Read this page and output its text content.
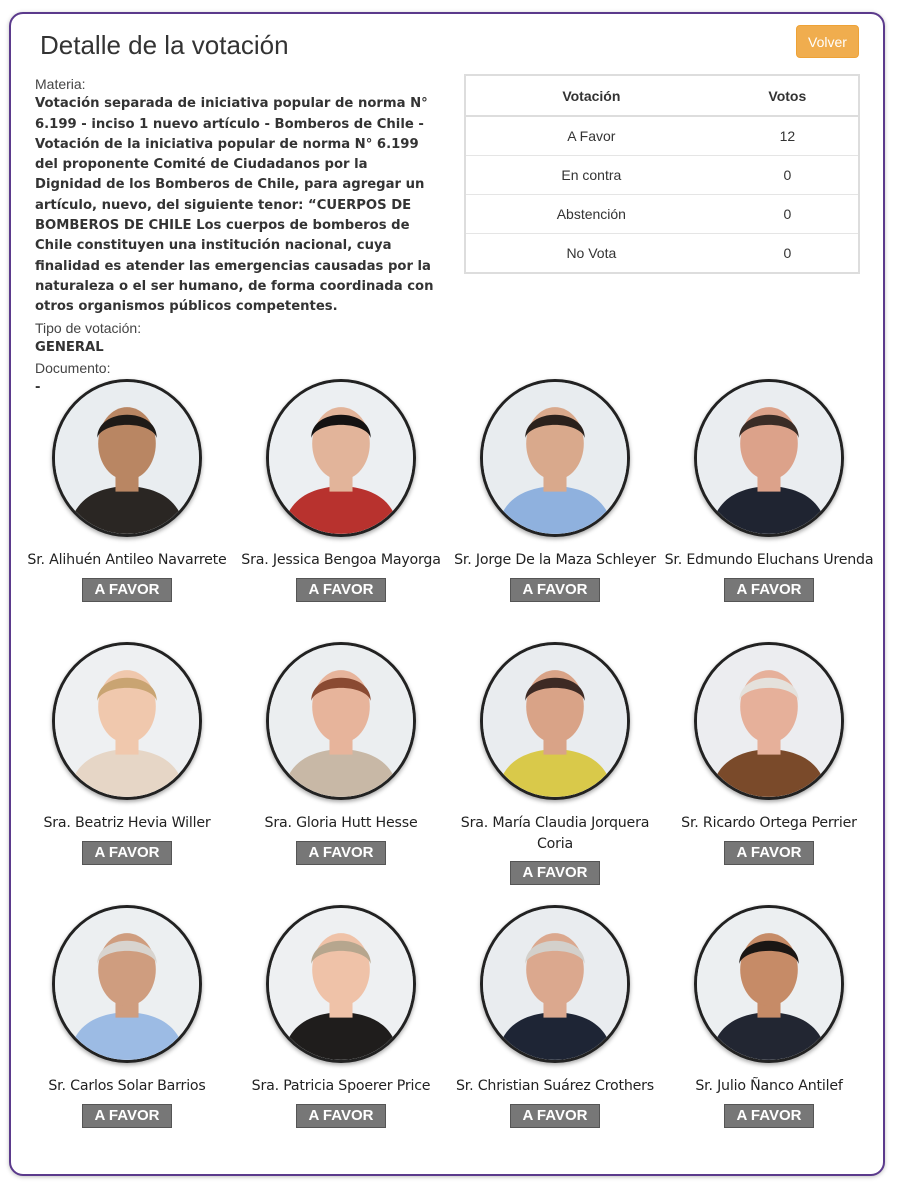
Detalle de la votación	Volver
Materia:
Votación separada de iniciativa popular de norma N° 6.199 - inciso 1 nuevo artículo - Bomberos de Chile - Votación de la iniciativa popular de norma N° 6.199 del proponente Comité de Ciudadanos por la Dignidad de los Bomberos de Chile, para agregar un artículo, nuevo, del siguiente tenor: “CUERPOS DE BOMBEROS DE CHILE Los cuerpos de bomberos de Chile constituyen una institución nacional, cuya finalidad es atender las emergencias causadas por la naturaleza o el ser humano, de forma coordinada con otros organismos públicos competentes.
Tipo de votación:
GENERAL
Documento:
-
Votación	Votos
A Favor	12
En contra	0
Abstención	0
No Vota	0
Sr. Alihuén Antileo Navarrete
A FAVOR
Sra. Jessica Bengoa Mayorga
A FAVOR
Sr. Jorge De la Maza Schleyer
A FAVOR
Sr. Edmundo Eluchans Urenda
A FAVOR
Sra. Beatriz Hevia Willer
A FAVOR
Sra. Gloria Hutt Hesse
A FAVOR
Sra. María Claudia Jorquera Coria
A FAVOR
Sr. Ricardo Ortega Perrier
A FAVOR
Sr. Carlos Solar Barrios
A FAVOR
Sra. Patricia Spoerer Price
A FAVOR
Sr. Christian Suárez Crothers
A FAVOR
Sr. Julio Ñanco Antilef
A FAVOR
